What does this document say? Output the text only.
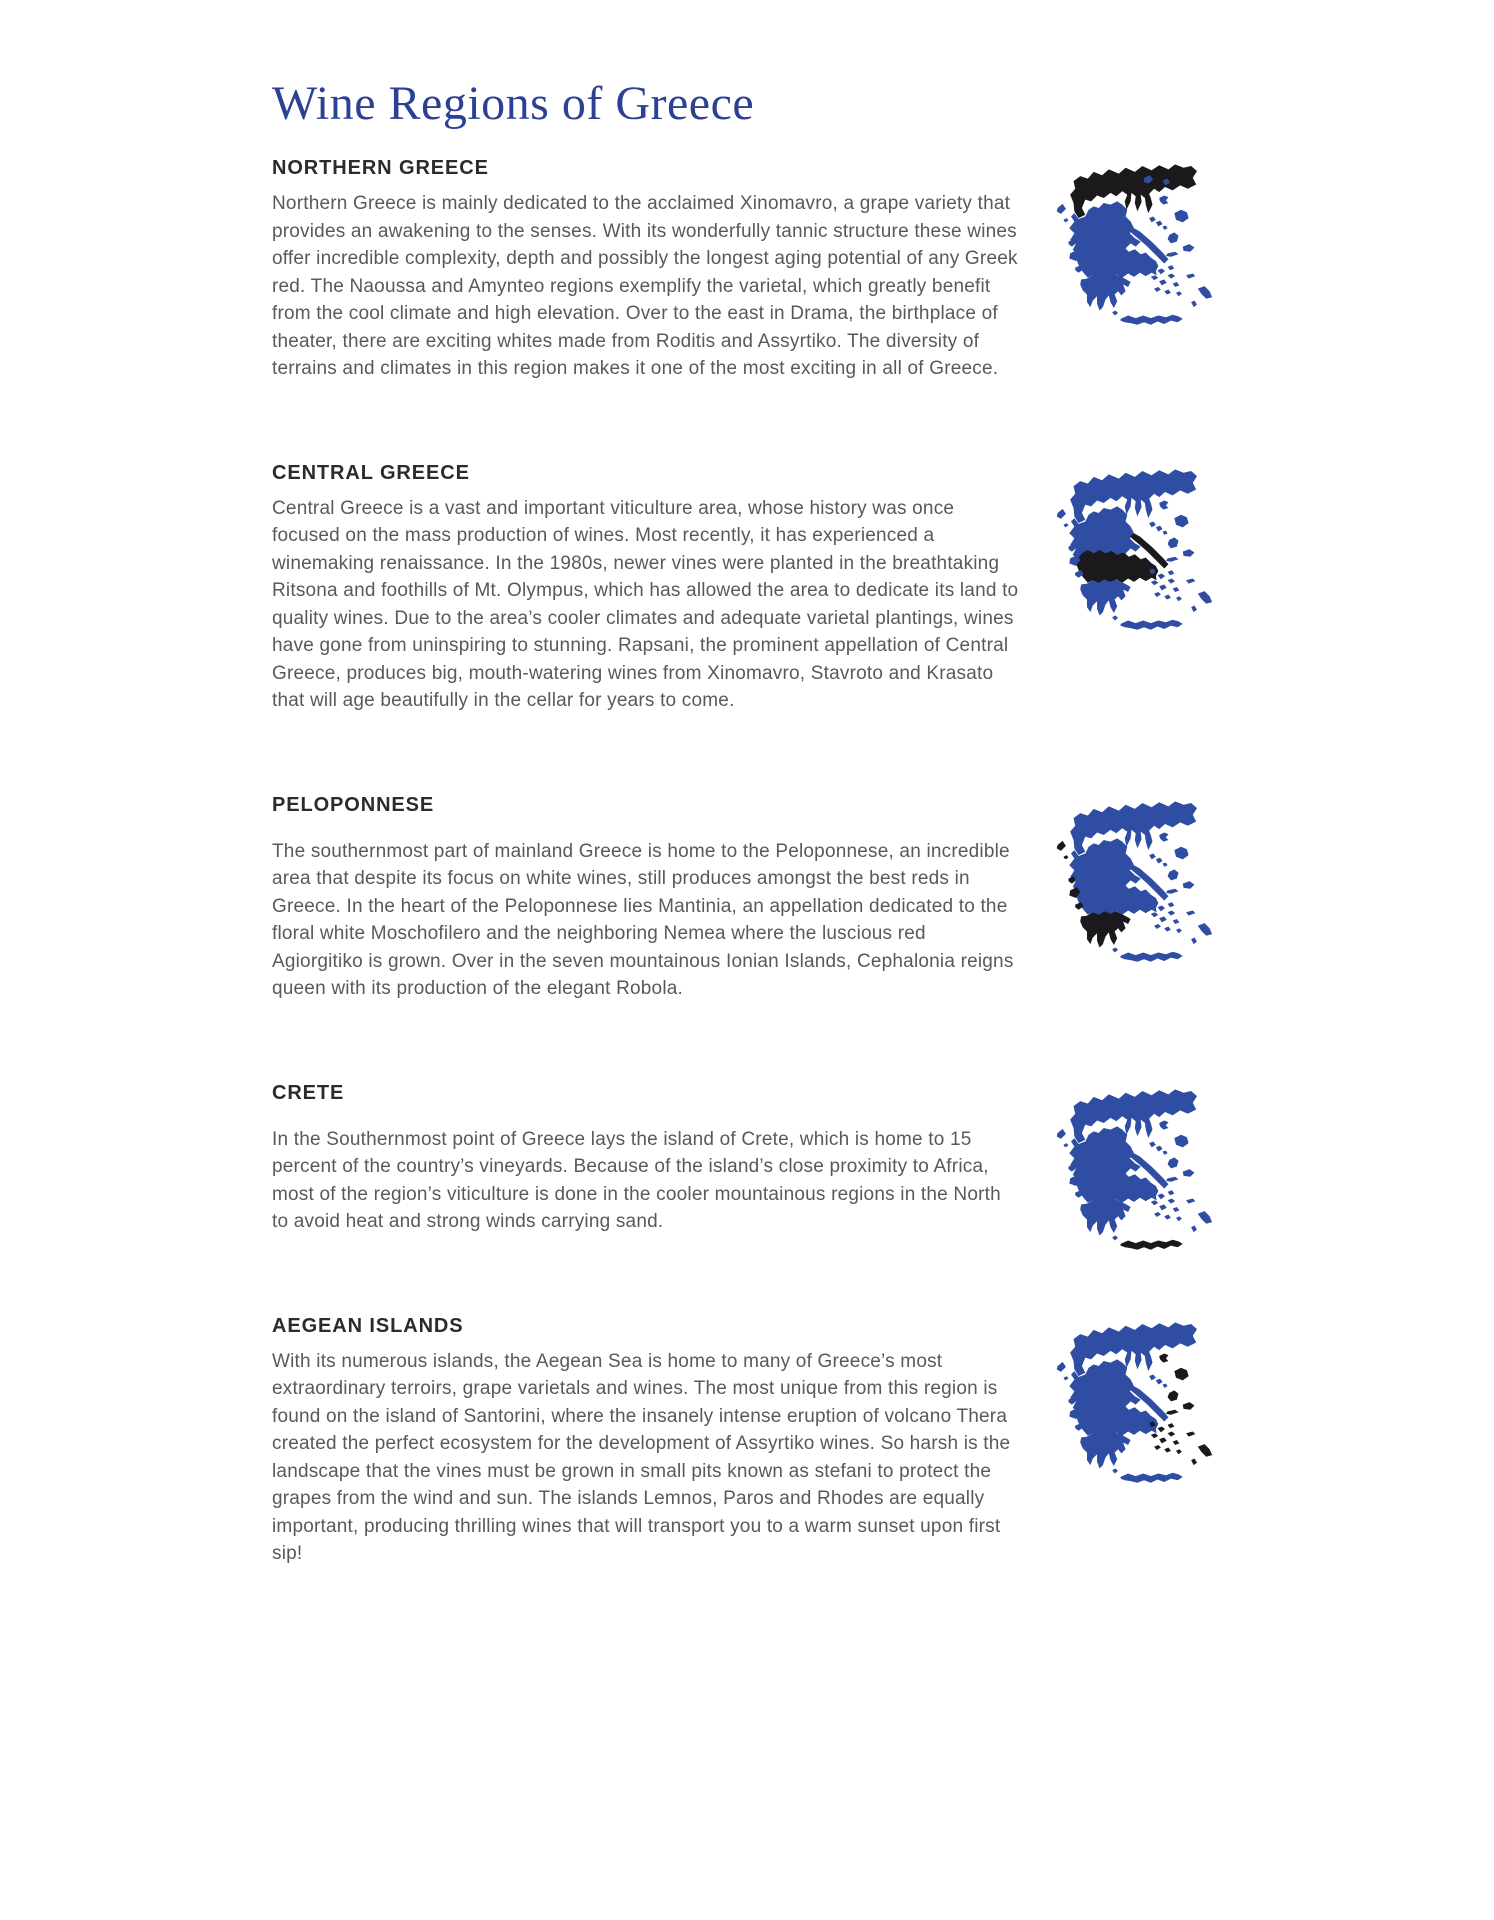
Wine Regions of Greece
NORTHERN GREECE

Northern Greece is mainly dedicated to the acclaimed Xinomavro, a grape variety that provides an awakening to the senses. With its wonderfully tannic structure these wines offer incredible complexity, depth and possibly the longest aging potential of any Greek red. The Naoussa and Amynteo regions exemplify the varietal, which greatly benefit from the cool climate and high elevation. Over to the east in Drama, the birthplace of theater, there are exciting whites made from Roditis and Assyrtiko. The diversity of terrains and climates in this region makes it one of the most exciting in all of Greece.

CENTRAL GREECE

Central Greece is a vast and important viticulture area, whose history was once focused on the mass production of wines. Most recently, it has experienced a winemaking renaissance. In the 1980s, newer vines were planted in the breathtaking Ritsona and foothills of Mt. Olympus, which has allowed the area to dedicate its land to quality wines. Due to the area’s cooler climates and adequate varietal plantings, wines have gone from uninspiring to stunning. Rapsani, the prominent appellation of Central Greece, produces big, mouth-watering wines from Xinomavro, Stavroto and Krasato that will age beautifully in the cellar for years to come.

PELOPONNESE

The southernmost part of mainland Greece is home to the Peloponnese, an incredible area that despite its focus on white wines, still produces amongst the best reds in Greece. In the heart of the Peloponnese lies Mantinia, an appellation dedicated to the floral white Moschofilero and the neighboring Nemea where the luscious red Agiorgitiko is grown. Over in the seven mountainous Ionian Islands, Cephalonia reigns queen with its production of the elegant Robola.

CRETE

In the Southernmost point of Greece lays the island of Crete, which is home to 15 percent of the country’s vineyards. Because of the island’s close proximity to Africa, most of the region’s viticulture is done in the cooler mountainous regions in the North to avoid heat and strong winds carrying sand.

AEGEAN ISLANDS

With its numerous islands, the Aegean Sea is home to many of Greece’s most extraordinary terroirs, grape varietals and wines. The most unique from this region is found on the island of Santorini, where the insanely intense eruption of volcano Thera created the perfect ecosystem for the development of Assyrtiko wines. So harsh is the landscape that the vines must be grown in small pits known as stefani to protect the grapes from the wind and sun. The islands Lemnos, Paros and Rhodes are equally important, producing thrilling wines that will transport you to a warm sunset upon first sip!
